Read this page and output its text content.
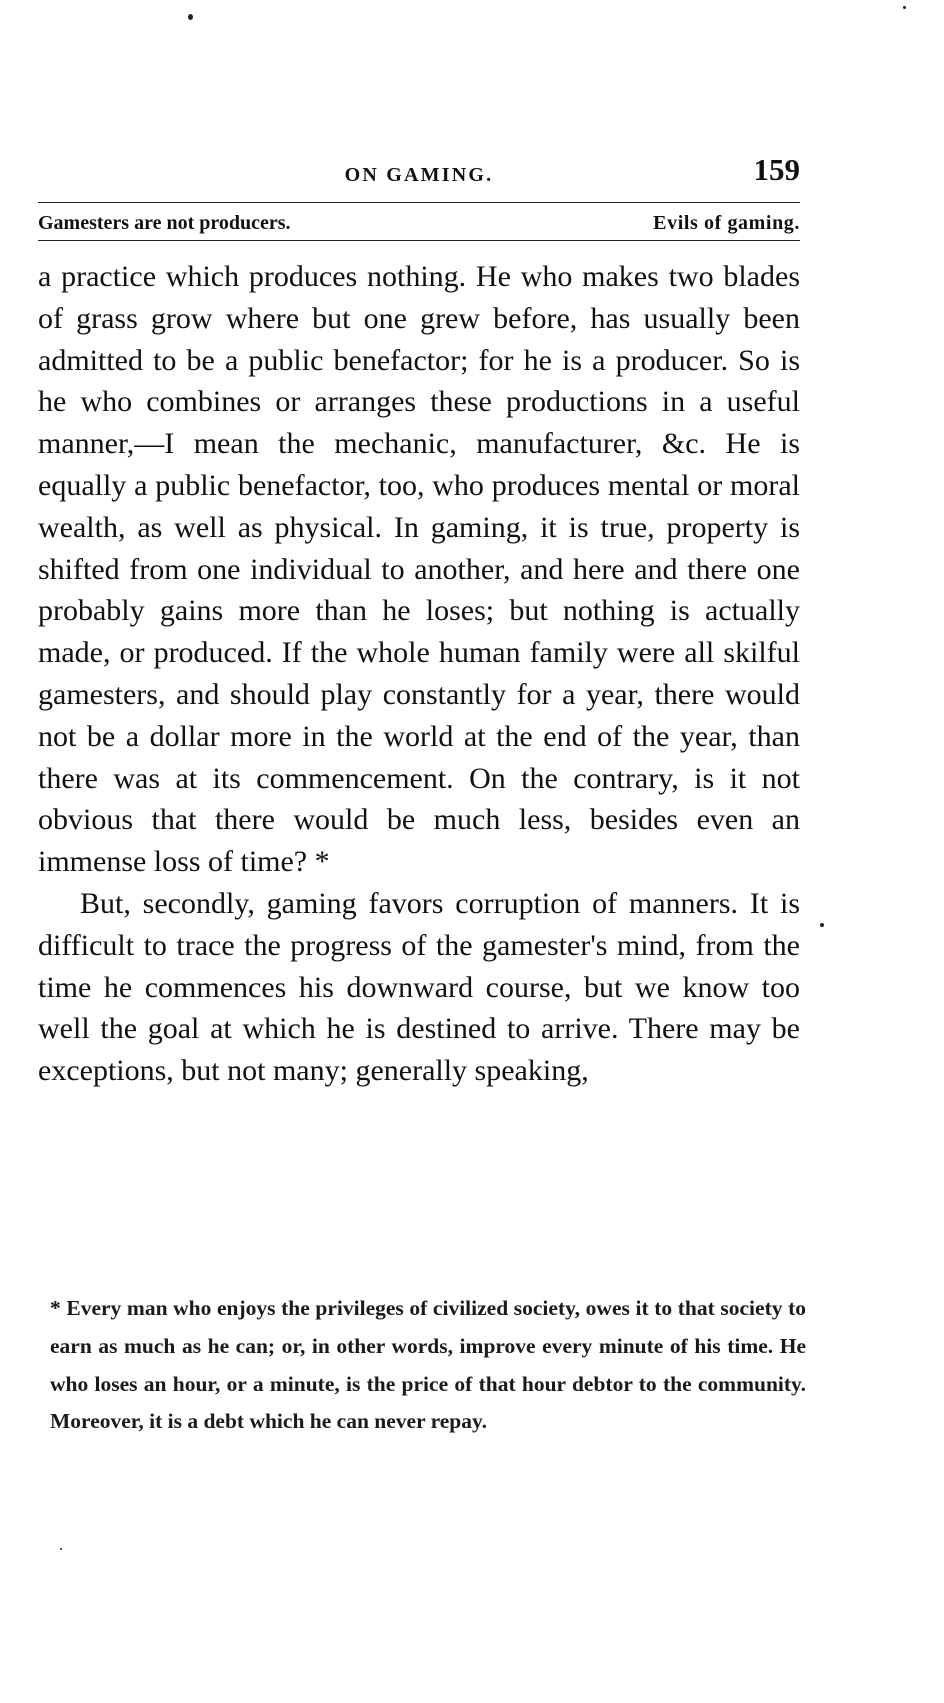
ON GAMING.	159
Gamesters are not producers.	Evils of gaming.

a practice which produces nothing. He who makes two blades of grass grow where but one grew before, has usually been admitted to be a public benefactor; for he is a producer. So is he who combines or arranges these productions in a useful manner,—I mean the mechanic, manufacturer, &c. He is equally a public benefactor, too, who produces mental or moral wealth, as well as physical. In gaming, it is true, property is shifted from one individual to another, and here and there one probably gains more than he loses; but nothing is actually made, or produced. If the whole human family were all skilful gamesters, and should play constantly for a year, there would not be a dollar more in the world at the end of the year, than there was at its commencement. On the contrary, is it not obvious that there would be much less, besides even an immense loss of time? *

But, secondly, gaming favors corruption of manners. It is difficult to trace the progress of the gamester's mind, from the time he commences his downward course, but we know too well the goal at which he is destined to arrive. There may be exceptions, but not many; generally speaking,

* Every man who enjoys the privileges of civilized society, owes it to that society to earn as much as he can; or, in other words, improve every minute of his time. He who loses an hour, or a minute, is the price of that hour debtor to the community. Moreover, it is a debt which he can never repay.
